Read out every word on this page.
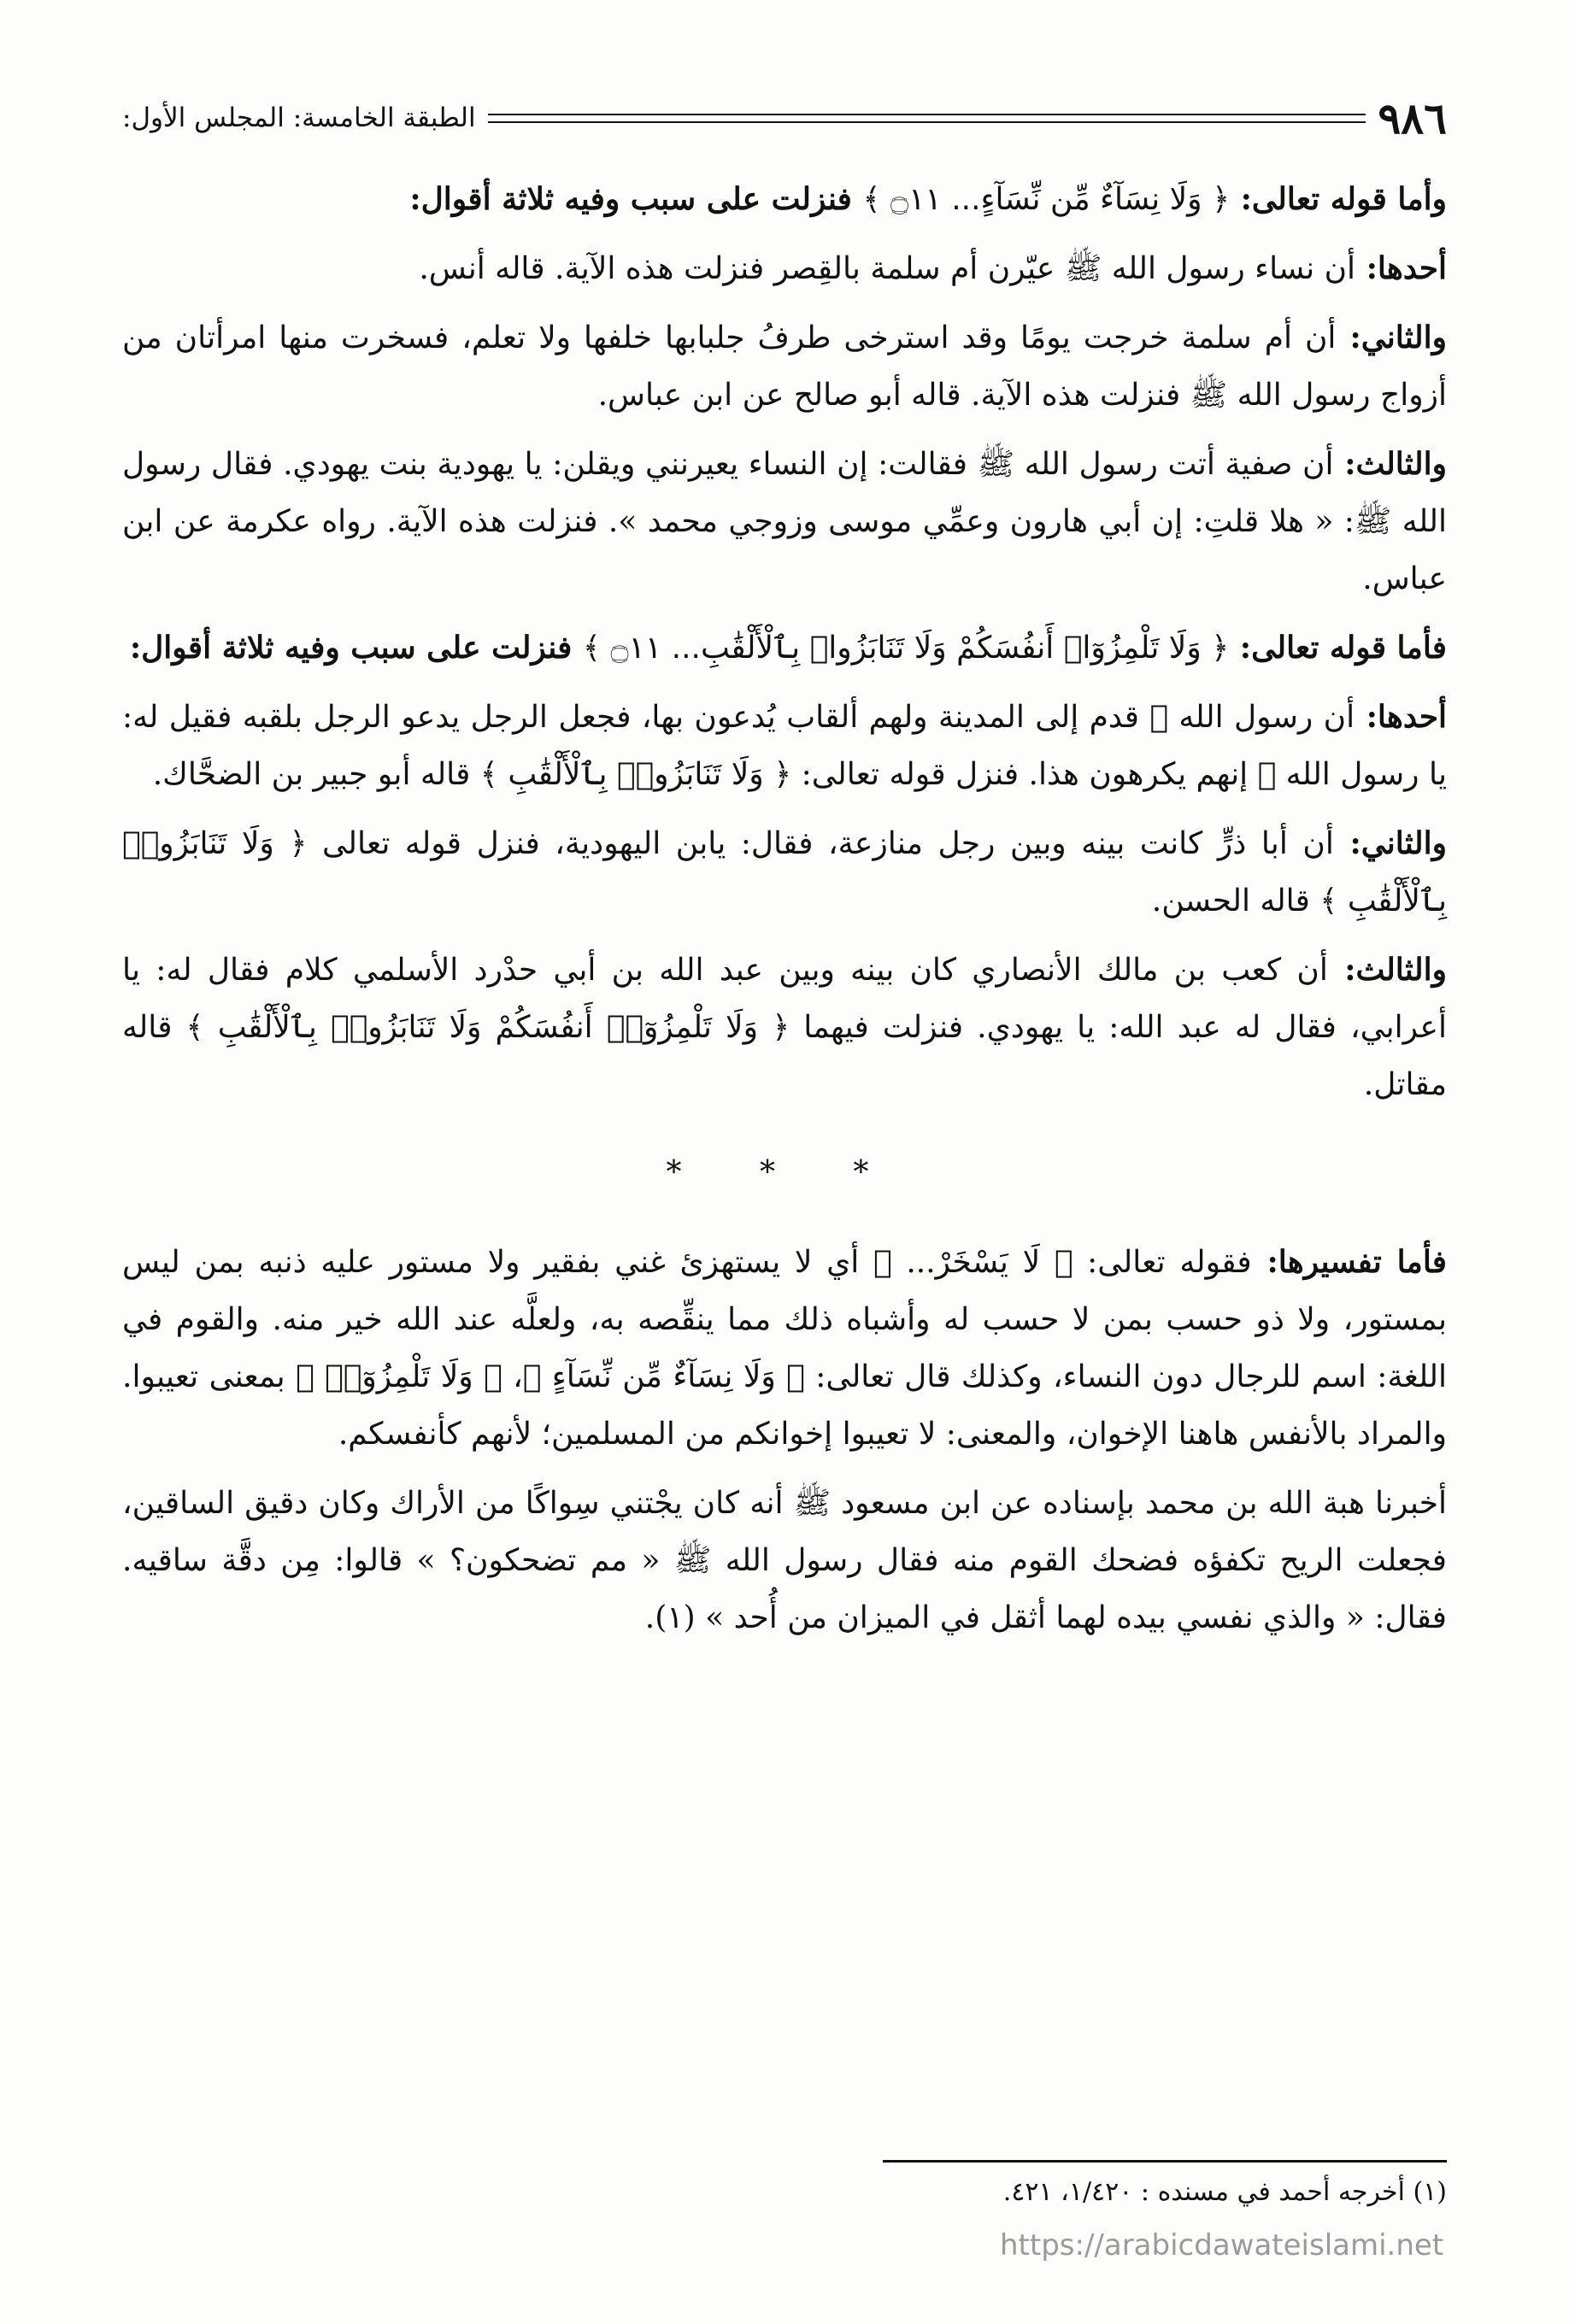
٩٨٦
الطبقة الخامسة: المجلس الأول:

وأما قوله تعالى: ﴿ وَلَا نِسَآءٌ مِّن نِّسَآءٍ... ۝١١ ﴾ فنزلت على سبب وفيه ثلاثة أقوال:

أحدها: أن نساء رسول الله ﷺ عيّرن أم سلمة بالقِصر فنزلت هذه الآية. قاله أنس.

والثاني: أن أم سلمة خرجت يومًا وقد استرخى طرفُ جلبابها خلفها ولا تعلم، فسخرت منها امرأتان من أزواج رسول الله ﷺ فنزلت هذه الآية. قاله أبو صالح عن ابن عباس.

والثالث: أن صفية أتت رسول الله ﷺ فقالت: إن النساء يعيرنني ويقلن: يا يهودية بنت يهودي. فقال رسول الله ﷺ: « هلا قلتِ: إن أبي هارون وعمِّي موسى وزوجي محمد ». فنزلت هذه الآية. رواه عكرمة عن ابن عباس.

فأما قوله تعالى: ﴿ وَلَا تَلْمِزُوٓا۟ أَنفُسَكُمْ وَلَا تَنَابَزُوا۟ بِٱلْأَلْقَٰبِ... ۝١١ ﴾ فنزلت على سبب وفيه ثلاثة أقوال:

أحدها: أن رسول الله ﷺ قدم إلى المدينة ولهم ألقاب يُدعون بها، فجعل الرجل يدعو الرجل بلقبه فقيل له: يا رسول الله ﷺ إنهم يكرهون هذا. فنزل قوله تعالى: ﴿ وَلَا تَنَابَزُوا۟ بِٱلْأَلْقَٰبِ ﴾ قاله أبو جبير بن الضحَّاك.

والثاني: أن أبا ذرٍّ كانت بينه وبين رجل منازعة، فقال: يابن اليهودية، فنزل قوله تعالى ﴿ وَلَا تَنَابَزُوا۟ بِٱلْأَلْقَٰبِ ﴾ قاله الحسن.

والثالث: أن كعب بن مالك الأنصاري كان بينه وبين عبد الله بن أبي حدْرد الأسلمي كلام فقال له: يا أعرابي، فقال له عبد الله: يا يهودي. فنزلت فيهما ﴿ وَلَا تَلْمِزُوٓا۟ أَنفُسَكُمْ وَلَا تَنَابَزُوا۟ بِٱلْأَلْقَٰبِ ﴾ قاله مقاتل.

* * *

فأما تفسيرها: فقوله تعالى: ﴿ لَا يَسْخَرْ... ﴾ أي لا يستهزئ غني بفقير ولا مستور عليه ذنبه بمن ليس بمستور، ولا ذو حسب بمن لا حسب له وأشباه ذلك مما ينقِّصه به، ولعلَّه عند الله خير منه. والقوم في اللغة: اسم للرجال دون النساء، وكذلك قال تعالى: ﴿ وَلَا نِسَآءٌ مِّن نِّسَآءٍ ﴾، ﴿ وَلَا تَلْمِزُوٓا۟ ﴾ بمعنى تعيبوا. والمراد بالأنفس هاهنا الإخوان، والمعنى: لا تعيبوا إخوانكم من المسلمين؛ لأنهم كأنفسكم.

أخبرنا هبة الله بن محمد بإسناده عن ابن مسعود ﷺ أنه كان يجْتني سِواكًا من الأراك وكان دقيق الساقين، فجعلت الريح تكفؤه فضحك القوم منه فقال رسول الله ﷺ « مم تضحكون؟ » قالوا: مِن دقَّة ساقيه. فقال: « والذي نفسي بيده لهما أثقل في الميزان من أُحد » (١).

(١) أخرجه أحمد في مسنده : ١/٤٢٠، ٤٢١.
https://arabicdawateislami.net
